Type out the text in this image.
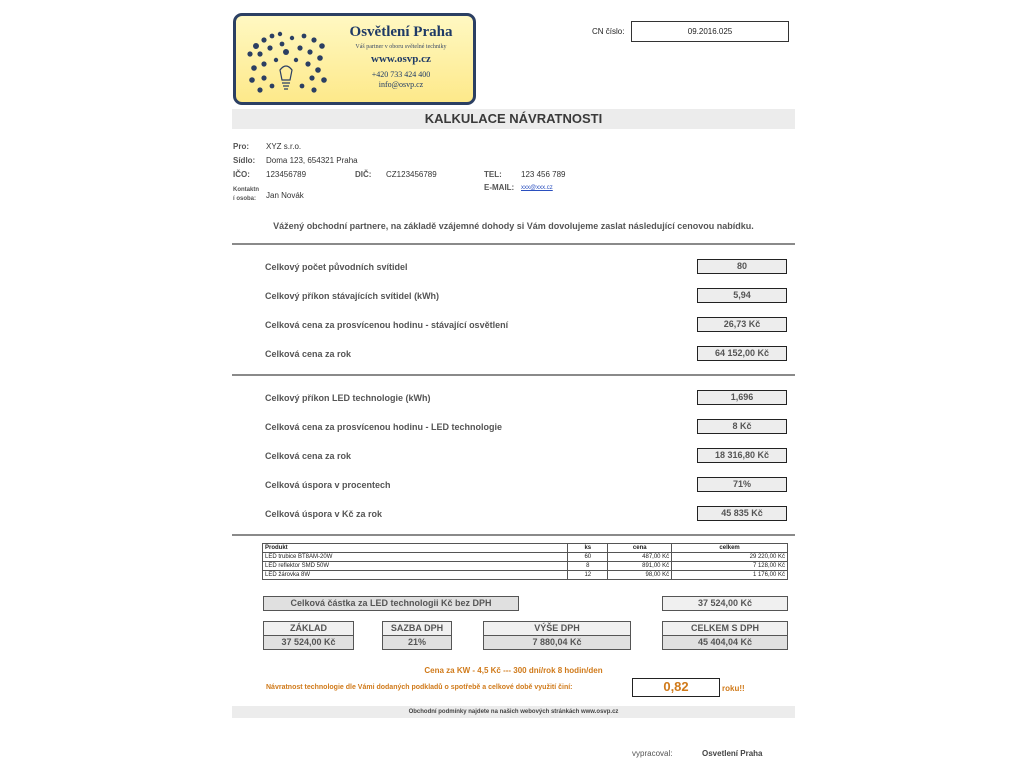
Osvětlení Praha
Váš partner v oboru světelné techniky
www.osvp.cz
+420 733 424 400
info@osvp.cz
CN číslo:	09.2016.025
KALKULACE NÁVRATNOSTI
Pro: XYZ s.r.o.
Sídlo: Doma 123, 654321 Praha
IČO: 123456789	DIČ: CZ123456789	TEL: 123 456 789
E-MAIL: xxx@xxx.cz
Kontaktn
í osoba: Jan Novák
Vážený obchodní partnere, na základě vzájemné dohody si Vám dovolujeme zaslat následující cenovou nabídku.
Celkový počet původních svítidel	80
Celkový příkon stávajících svítidel (kWh)	5,94
Celková cena za prosvícenou hodinu - stávající osvětlení	26,73 Kč
Celková cena za rok	64 152,00 Kč
Celkový příkon LED technologie (kWh)	1,696
Celková cena za prosvícenou hodinu - LED technologie	8 Kč
Celková cena za rok	18 316,80 Kč
Celková úspora v procentech	71%
Celková úspora v Kč za rok	45 835 Kč
Produkt	ks	cena	celkem
LED trubice BT8AM-20W	60	487,00 Kč	29 220,00 Kč
LED reflektor SMD 50W	8	891,00 Kč	7 128,00 Kč
LED žárovka 8W	12	98,00 Kč	1 176,00 Kč
Celková částka za LED technologii Kč bez DPH	37 524,00 Kč
ZÁKLAD
37 524,00 Kč
SAZBA DPH
21%
VÝŠE DPH
7 880,04 Kč
CELKEM S DPH
45 404,04 Kč
Cena za KW - 4,5 Kč --- 300 dní/rok 8 hodin/den
Návratnost technologie dle Vámi dodaných podkladů o spotřebě a celkové době využití činí:	0,82	roku!!
Obchodní podmínky najdete na našich webových stránkách www.osvp.cz
vypracoval:	Osvetlení Praha
